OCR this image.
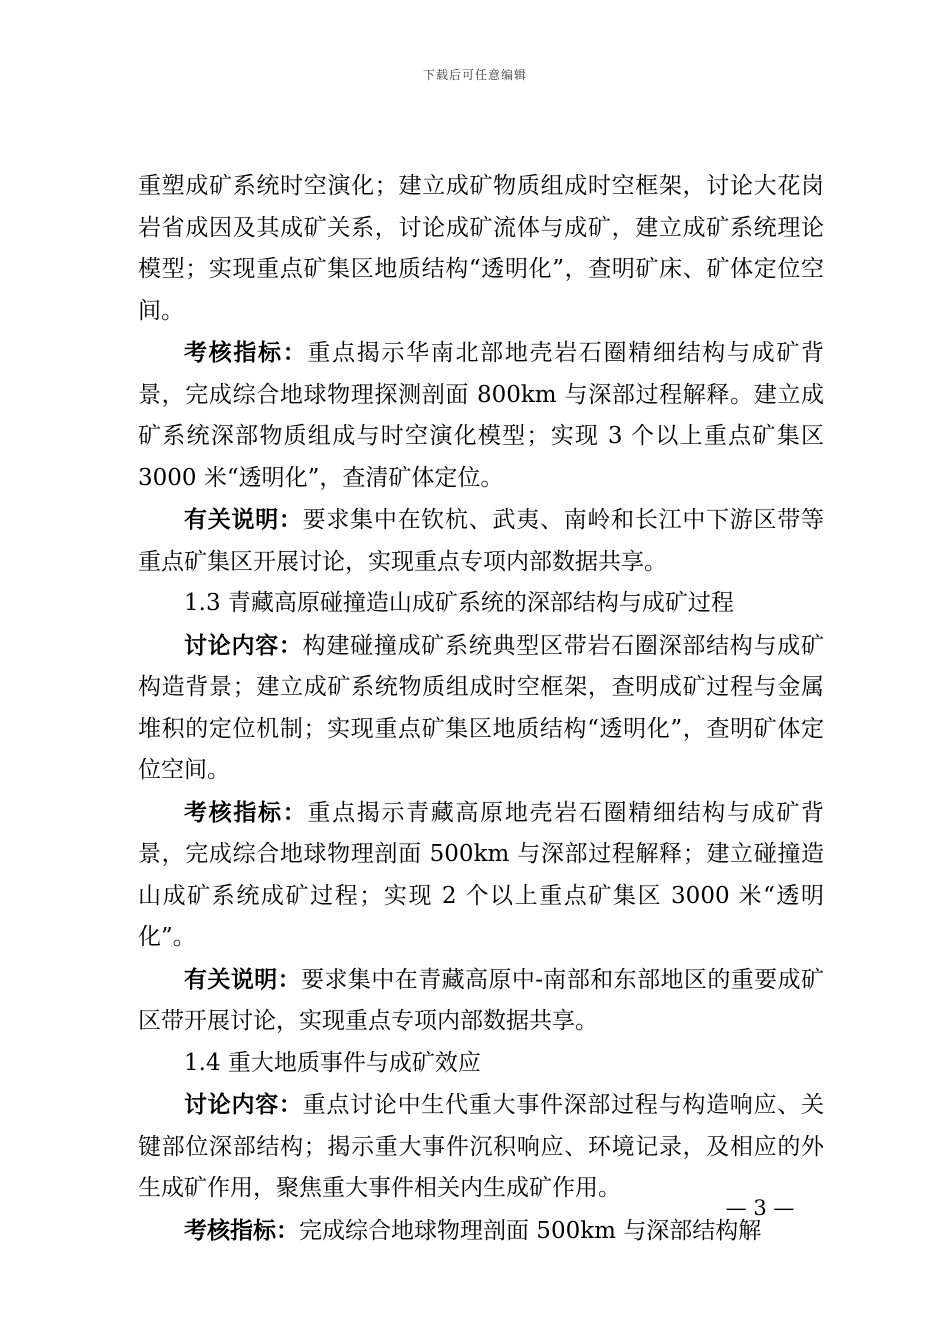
下载后可任意编辑

重塑成矿系统时空演化；建立成矿物质组成时空框架，讨论大花岗岩省成因及其成矿关系，讨论成矿流体与成矿，建立成矿系统理论模型；实现重点矿集区地质结构“透明化”，查明矿床、矿体定位空间。

考核指标：重点揭示华南北部地壳岩石圈精细结构与成矿背景，完成综合地球物理探测剖面 800km 与深部过程解释。建立成矿系统深部物质组成与时空演化模型；实现 3 个以上重点矿集区 3000 米“透明化”，查清矿体定位。

有关说明：要求集中在钦杭、武夷、南岭和长江中下游区带等重点矿集区开展讨论，实现重点专项内部数据共享。

1.3 青藏高原碰撞造山成矿系统的深部结构与成矿过程

讨论内容：构建碰撞成矿系统典型区带岩石圈深部结构与成矿构造背景；建立成矿系统物质组成时空框架，查明成矿过程与金属堆积的定位机制；实现重点矿集区地质结构“透明化”，查明矿体定位空间。

考核指标：重点揭示青藏高原地壳岩石圈精细结构与成矿背景，完成综合地球物理剖面 500km 与深部过程解释；建立碰撞造山成矿系统成矿过程；实现 2 个以上重点矿集区 3000 米“透明化”。

有关说明：要求集中在青藏高原中-南部和东部地区的重要成矿区带开展讨论，实现重点专项内部数据共享。

1.4 重大地质事件与成矿效应

讨论内容：重点讨论中生代重大事件深部过程与构造响应、关键部位深部结构；揭示重大事件沉积响应、环境记录，及相应的外生成矿作用，聚焦重大事件相关内生成矿作用。

考核指标：完成综合地球物理剖面 500km 与深部结构解

— 3 —
